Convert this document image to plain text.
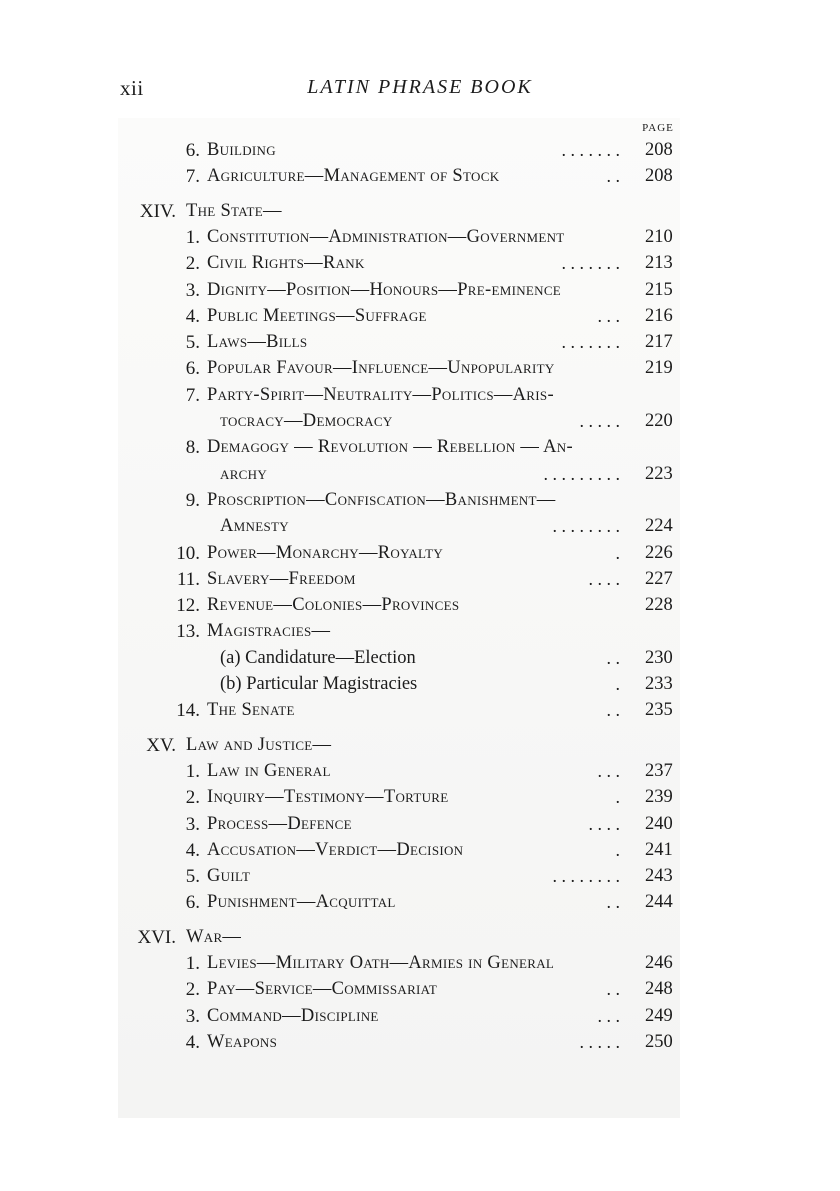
xii	LATIN PHRASE BOOK
PAGE
6. Building	. . . . . . . 208
7. Agriculture—Management of Stock	. . 208
XIV. The State—
1. Constitution—Administration—Government	210
2. Civil Rights—Rank	. . . . . . . 213
3. Dignity—Position—Honours—Pre-eminence	215
4. Public Meetings—Suffrage	. . . 216
5. Laws—Bills	. . . . . . . 217
6. Popular Favour—Influence—Unpopularity	219
7. Party-Spirit—Neutrality—Politics—Aris-
tocracy—Democracy	. . . . . 220
8. Demagogy — Revolution — Rebellion — An-
archy	. . . . . . . . . 223
9. Proscription—Confiscation—Banishment—
Amnesty	. . . . . . . . 224
10. Power—Monarchy—Royalty	. 226
11. Slavery—Freedom	. . . . 227
12. Revenue—Colonies—Provinces	228
13. Magistracies—
(a) Candidature—Election	. . 230
(b) Particular Magistracies	. 233
14. The Senate	. . 235
XV. Law and Justice—
1. Law in General	. . . 237
2. Inquiry—Testimony—Torture	. 239
3. Process—Defence	. . . . 240
4. Accusation—Verdict—Decision	. 241
5. Guilt	. . . . . . . . 243
6. Punishment—Acquittal	. . 244
XVI. War—
1. Levies—Military Oath—Armies in General	246
2. Pay—Service—Commissariat	. . 248
3. Command—Discipline	. . . 249
4. Weapons	. . . . . 250
